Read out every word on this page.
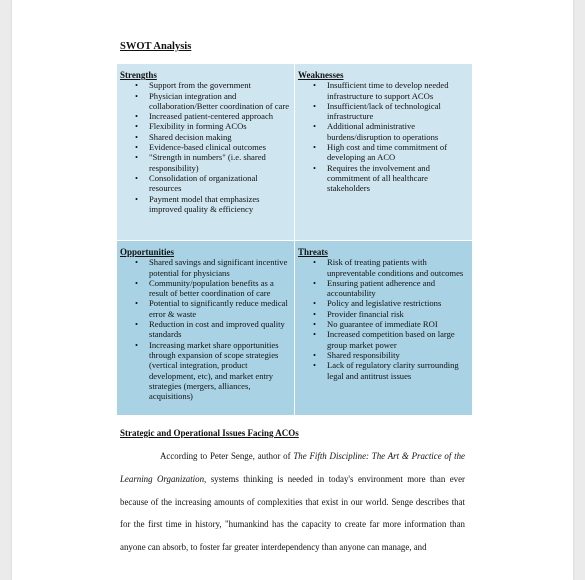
SWOT Analysis
Strengths
• Support from the government
• Physician integration and collaboration/Better coordination of care
• Increased patient-centered approach
• Flexibility in forming ACOs
• Shared decision making
• Evidence-based clinical outcomes
• "Strength in numbers" (i.e. shared responsibility)
• Consolidation of organizational resources
• Payment model that emphasizes improved quality & efficiency
Weaknesses
• Insufficient time to develop needed infrastructure to support ACOs
• Insufficient/lack of technological infrastructure
• Additional administrative burdens/disruption to operations
• High cost and time commitment of developing an ACO
• Requires the involvement and commitment of all healthcare stakeholders
Opportunities
• Shared savings and significant incentive potential for physicians
• Community/population benefits as a result of better coordination of care
• Potential to significantly reduce medical error & waste
• Reduction in cost and improved quality standards
• Increasing market share opportunities through expansion of scope strategies (vertical integration, product development, etc), and market entry strategies (mergers, alliances, acquisitions)
Threats
• Risk of treating patients with unpreventable conditions and outcomes
• Ensuring patient adherence and accountability
• Policy and legislative restrictions
• Provider financial risk
• No guarantee of immediate ROI
• Increased competition based on large group market power
• Shared responsibility
• Lack of regulatory clarity surrounding legal and antitrust issues
Strategic and Operational Issues Facing ACOs

According to Peter Senge, author of The Fifth Discipline: The Art & Practice of the Learning Organization, systems thinking is needed in today's environment more than ever because of the increasing amounts of complexities that exist in our world. Senge describes that for the first time in history, "humankind has the capacity to create far more information than anyone can absorb, to foster far greater interdependency than anyone can manage, and
